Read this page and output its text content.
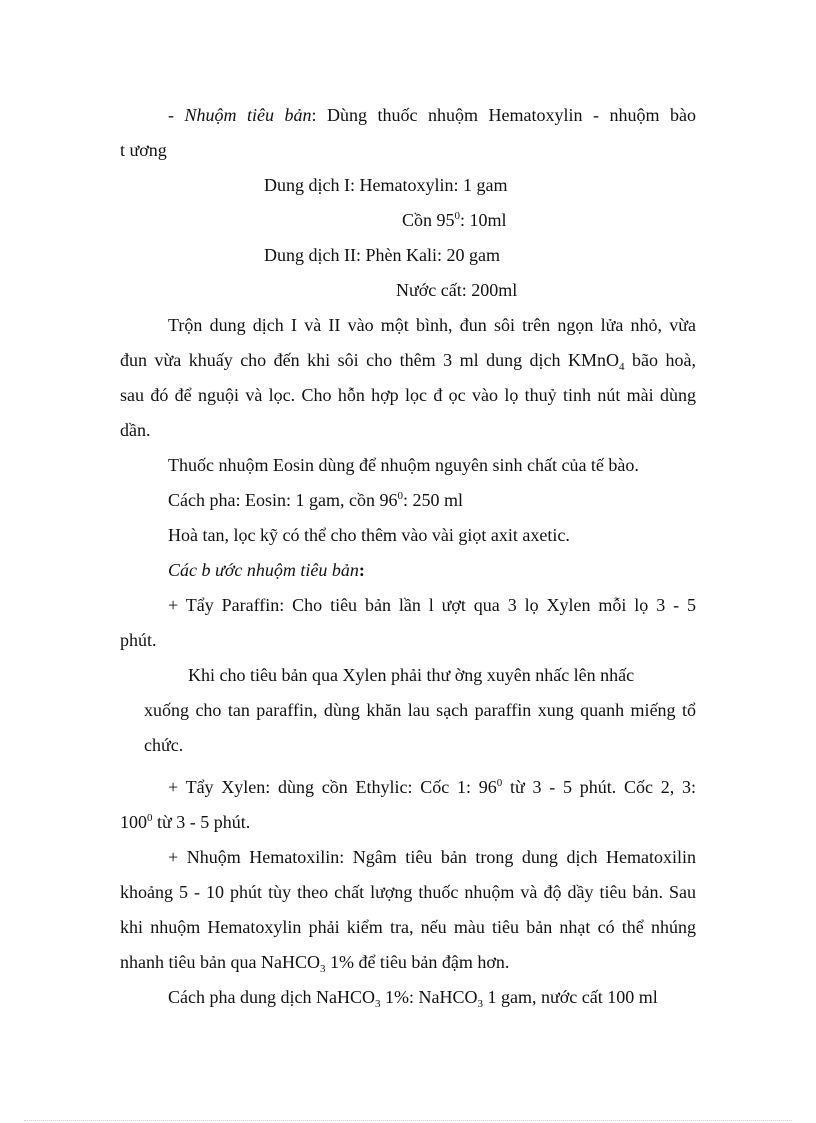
- Nhuộm tiêu bản: Dùng thuốc nhuộm Hematoxylin - nhuộm bào
t ương
Dung dịch I: Hematoxylin: 1 gam
Cồn $95^0$: 10ml
Dung dịch II: Phèn Kali: 20 gam
Nước cất: 200ml
Trộn dung dịch I và II vào một bình, đun sôi trên ngọn lửa nhỏ, vừa
đun vừa khuấy cho đến khi sôi cho thêm 3 ml dung dịch KMnO$_4$ bão hoà,
sau đó để nguội và lọc. Cho hỗn hợp lọc đ ọc vào lọ thuỷ tinh nút mài dùng
dần.
Thuốc nhuộm Eosin dùng để nhuộm nguyên sinh chất của tế bào.
Cách pha: Eosin: 1 gam, cồn $96^0$: 250 ml
Hoà tan, lọc kỹ có thể cho thêm vào vài giọt axit axetic.
Các b ước nhuộm tiêu bản:
+ Tẩy Paraffin: Cho tiêu bản lần l ượt qua 3 lọ Xylen mỗi lọ 3 - 5
phút.
Khi cho tiêu bản qua Xylen phải thư ờng xuyên nhấc lên nhấc
xuống cho tan paraffin, dùng khăn lau sạch paraffin xung quanh miếng tổ
chức.
+ Tẩy Xylen: dùng cồn Ethylic: Cốc 1: $96^0$ từ 3 - 5 phút. Cốc 2, 3:
$100^0$ từ 3 - 5 phút.
+ Nhuộm Hematoxilin: Ngâm tiêu bản trong dung dịch Hematoxilin
khoảng 5 - 10 phút tùy theo chất lượng thuốc nhuộm và độ dầy tiêu bản. Sau
khi nhuộm Hematoxylin phải kiểm tra, nếu màu tiêu bản nhạt có thể nhúng
nhanh tiêu bản qua NaHCO$_3$ 1% để tiêu bản đậm hơn.
Cách pha dung dịch NaHCO$_3$ 1%: NaHCO$_3$ 1 gam, nước cất 100 ml
